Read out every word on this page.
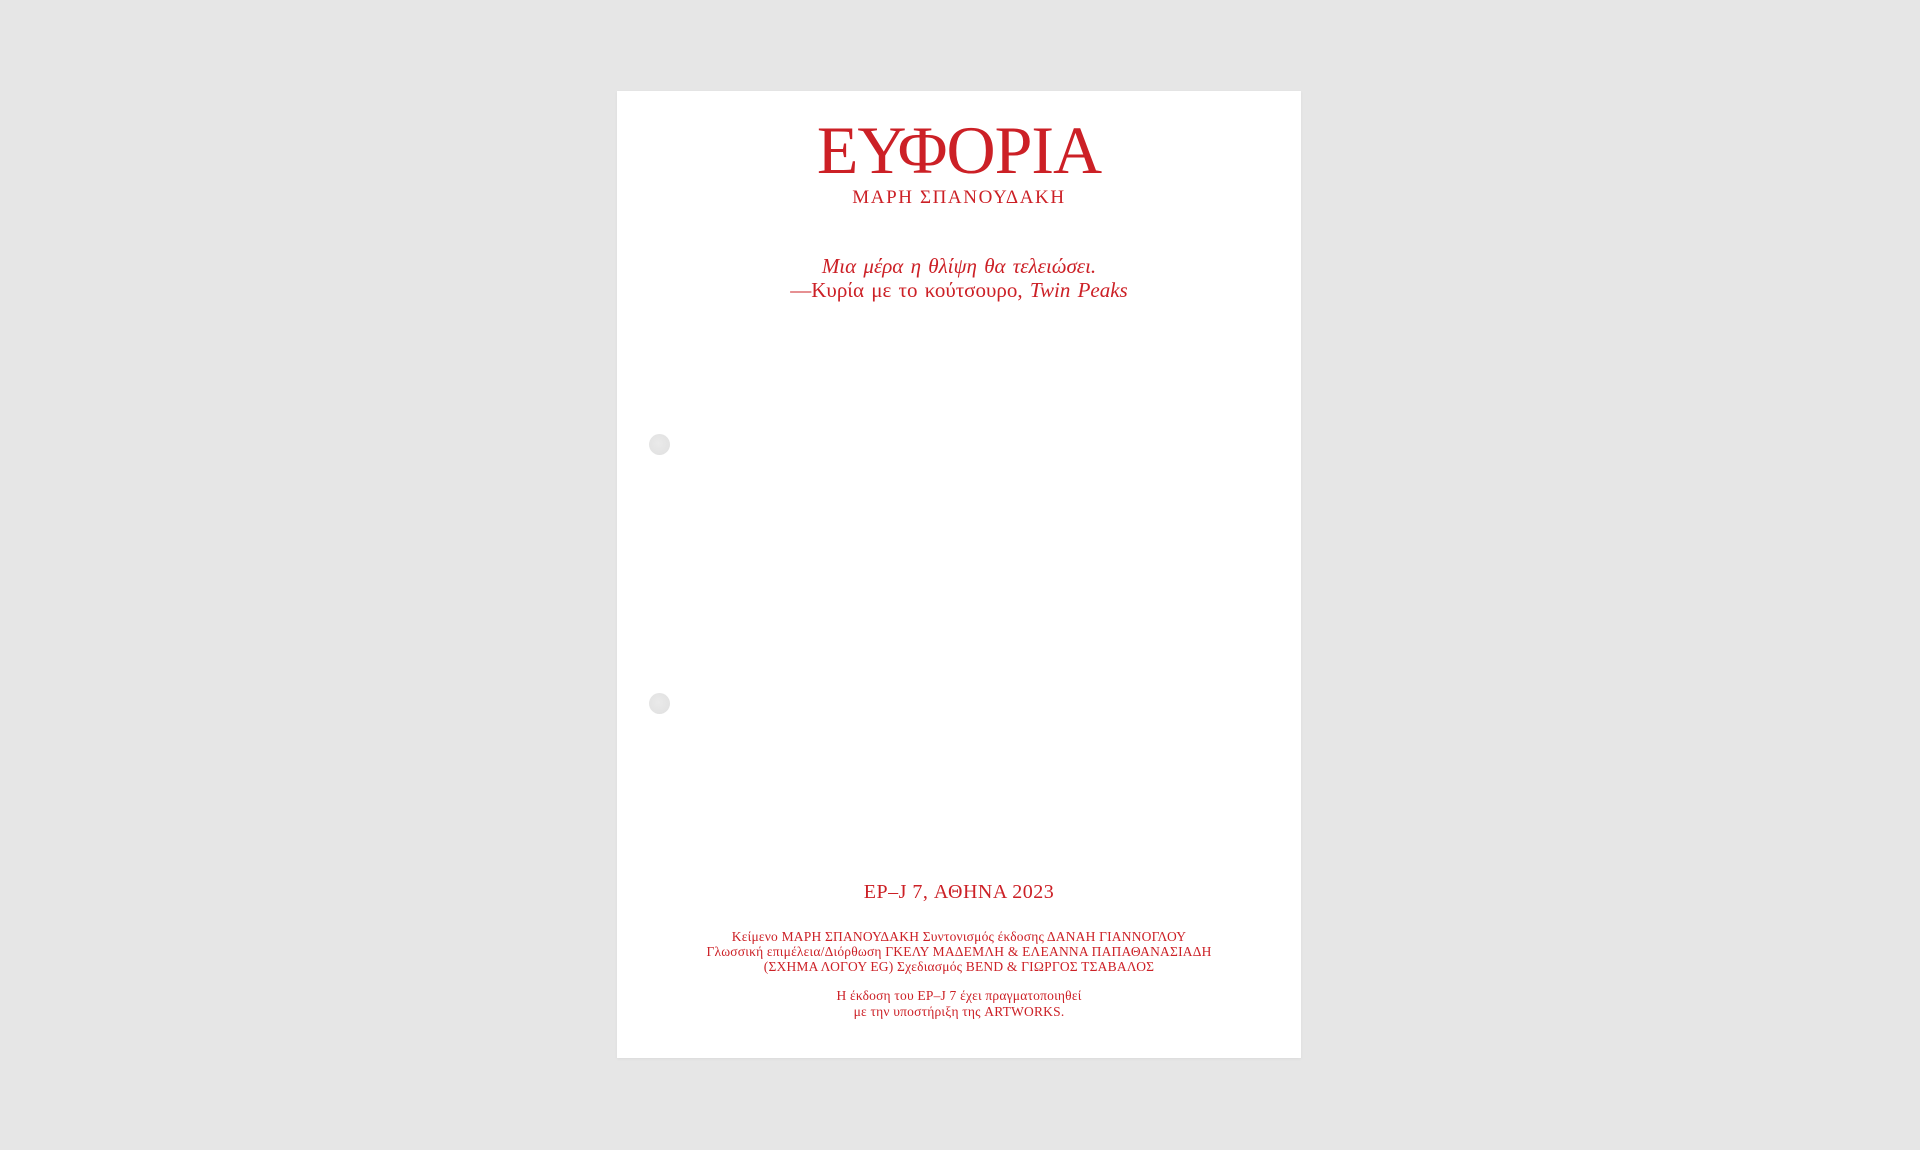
ΕΥΦΟΡΙΑ
ΜΑΡΗ ΣΠΑΝΟΥΔΑΚΗ
Μια μέρα η θλίψη θα τελειώσει.
—Κυρία με το κούτσουρο, Twin Peaks
EP–J 7, ΑΘΗΝΑ 2023
Κείμενο ΜΑΡΗ ΣΠΑΝΟΥΔΑΚΗ Συντονισμός έκδοσης ΔΑΝΑΗ ΓΙΑΝΝΟΓΛΟΥ
Γλωσσική επιμέλεια/Διόρθωση ΓΚΕΛΥ ΜΑΔΕΜΛΗ & ΕΛΕΑΝΝΑ ΠΑΠΑΘΑΝΑΣΙΑΔΗ
(ΣΧΗΜΑ ΛΟΓΟΥ EG) Σχεδιασμός BEND & ΓΙΩΡΓΟΣ ΤΣΑΒΑΛΟΣ
Η έκδοση του EP–J 7 έχει πραγματοποιηθεί
με την υποστήριξη της ARTWORKS.
